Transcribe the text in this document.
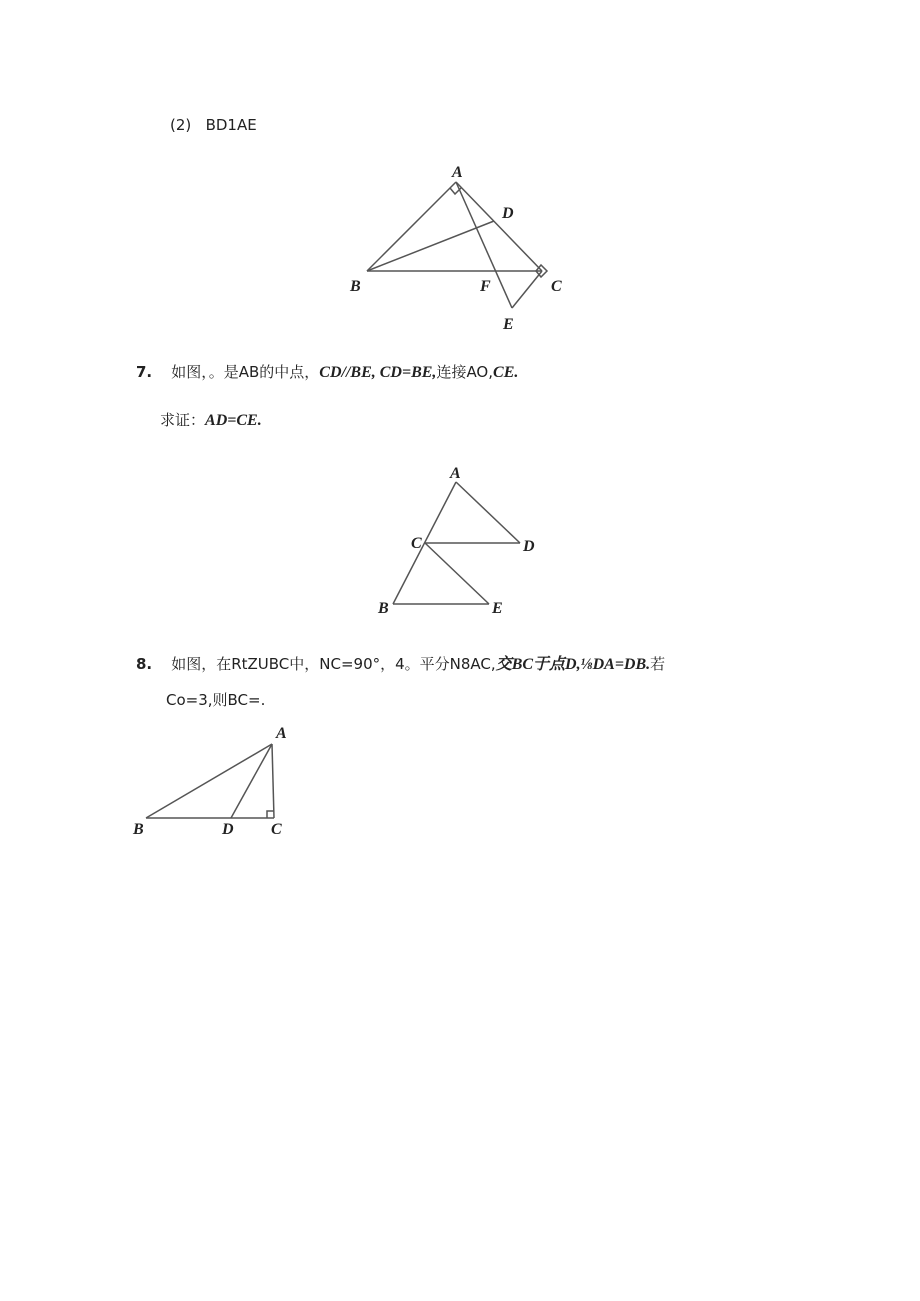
(2) BD1AE
A
B	C
D
E
F
7. 如图，。是AB的中点，CD//BE, CD=BE,连接AO,CE.
求证：AD=CE.
A
B
C	D
E
8. 如图，在RtZUBC中，NC=90°，4。平分N8AC,交BC于点D,⅛DA=DB.若
Co=3,则BC=.
A
B	C
D
